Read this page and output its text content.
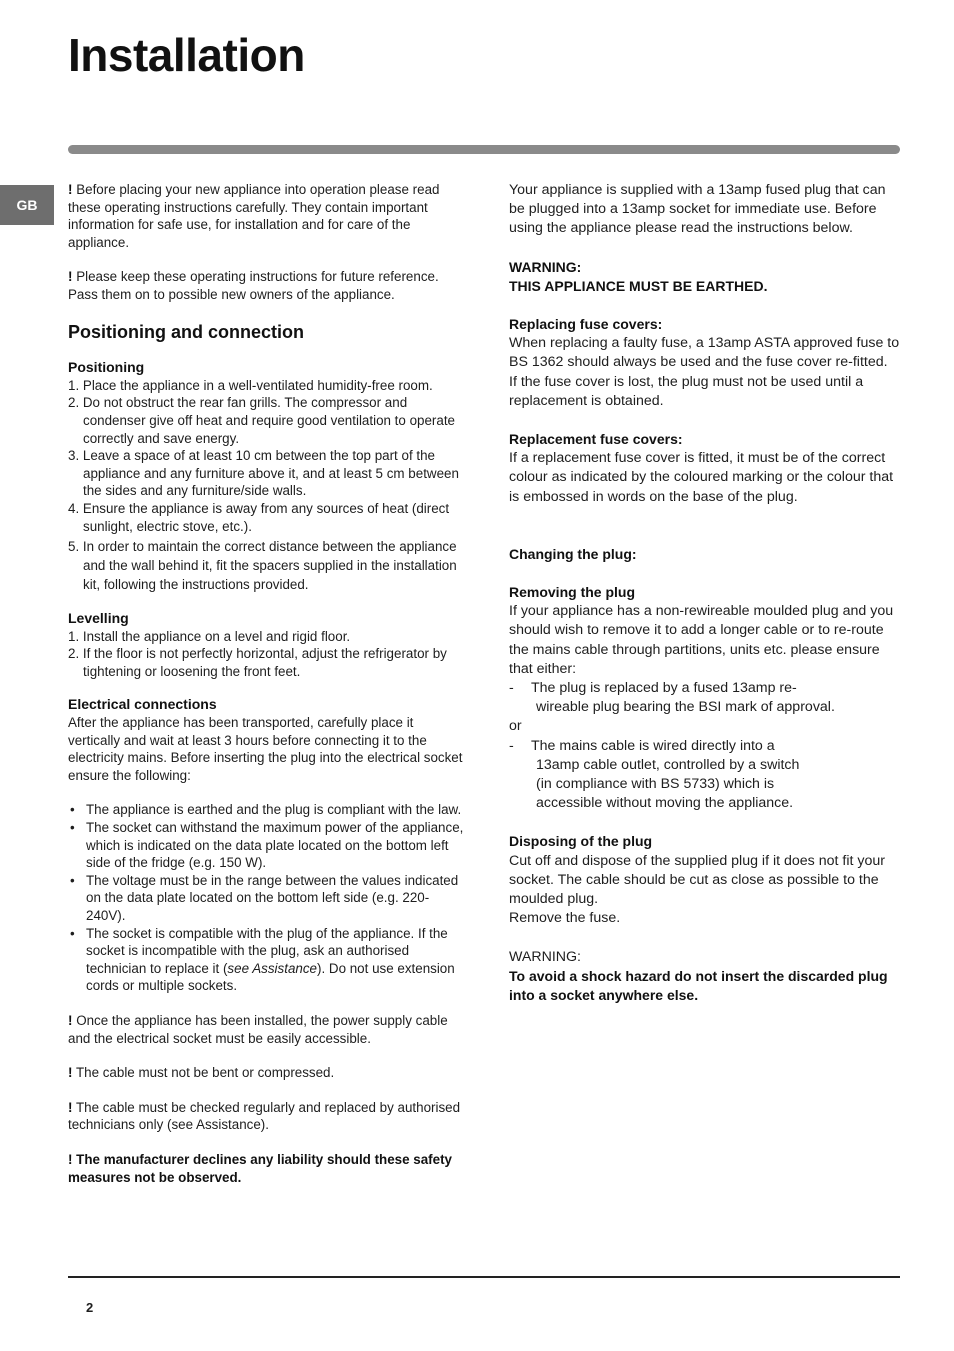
Installation
GB

! Before placing your new appliance into operation please read these operating instructions carefully. They contain important information for safe use, for installation and for care of the appliance.

! Please keep these operating instructions for future reference. Pass them on to possible new owners of the appliance.

Positioning and connection
Positioning
1. Place the appliance in a well-ventilated humidity-free room.
2. Do not obstruct the rear fan grills. The compressor and condenser give off heat and require good ventilation to operate correctly and save energy.
3. Leave a space of at least 10 cm between the top part of the appliance and any furniture above it, and at least 5 cm between the sides and any furniture/side walls.
4. Ensure the appliance is away from any sources of heat (direct sunlight, electric stove, etc.).
5. In order to maintain the correct distance between the appliance and the wall behind it, fit the spacers supplied in the installation kit, following the instructions provided.
Levelling
1. Install the appliance on a level and rigid floor.
2. If the floor is not perfectly horizontal, adjust the refrigerator by tightening or loosening the front feet.
Electrical connections

After the appliance has been transported, carefully place it vertically and wait at least 3 hours before connecting it to the electricity mains. Before inserting the plug into the electrical socket ensure the following:

• The appliance is earthed and the plug is compliant with the law.
• The socket can withstand the maximum power of the appliance, which is indicated on the data plate located on the bottom left side of the fridge (e.g. 150 W).
• The voltage must be in the range between the values indicated on the data plate located on the bottom left side (e.g. 220-240V).
• The socket is compatible with the plug of the appliance. If the socket is incompatible with the plug, ask an authorised technician to replace it (see Assistance). Do not use extension cords or multiple sockets.

! Once the appliance has been installed, the power supply cable and the electrical socket must be easily accessible.

! The cable must not be bent or compressed.

! The cable must be checked regularly and replaced by authorised technicians only (see Assistance).

! The manufacturer declines any liability should these safety measures not be observed.

Your appliance is supplied with a 13amp fused plug that can be plugged into a 13amp socket for immediate use. Before using the appliance please read the instructions below.

WARNING:

THIS APPLIANCE MUST BE EARTHED.

Replacing fuse covers:

When replacing a faulty fuse, a 13amp ASTA approved fuse to BS 1362 should always be used and the fuse cover re-fitted.

If the fuse cover is lost, the plug must not be used until a replacement is obtained.

Replacement fuse covers:

If a replacement fuse cover is fitted, it must be of the correct colour as indicated by the coloured marking or the colour that is embossed in words on the base of the plug.

Changing the plug:

Removing the plug

If your appliance has a non-rewireable moulded plug and you should wish to remove it to add a longer cable or to re-route the mains cable through partitions, units etc. please ensure that either:

- The plug is replaced by a fused 13amp re-
wireable plug bearing the BSI mark of approval.

or

- The mains cable is wired directly into a
13amp cable outlet, controlled by a switch (in compliance with BS 5733) which is accessible without moving the appliance.

Disposing of the plug

Cut off and dispose of the supplied plug if it does not fit your socket. The cable should be cut as close as possible to the moulded plug.

Remove the fuse.

WARNING:

To avoid a shock hazard do not insert the discarded plug into a socket anywhere else.

2
